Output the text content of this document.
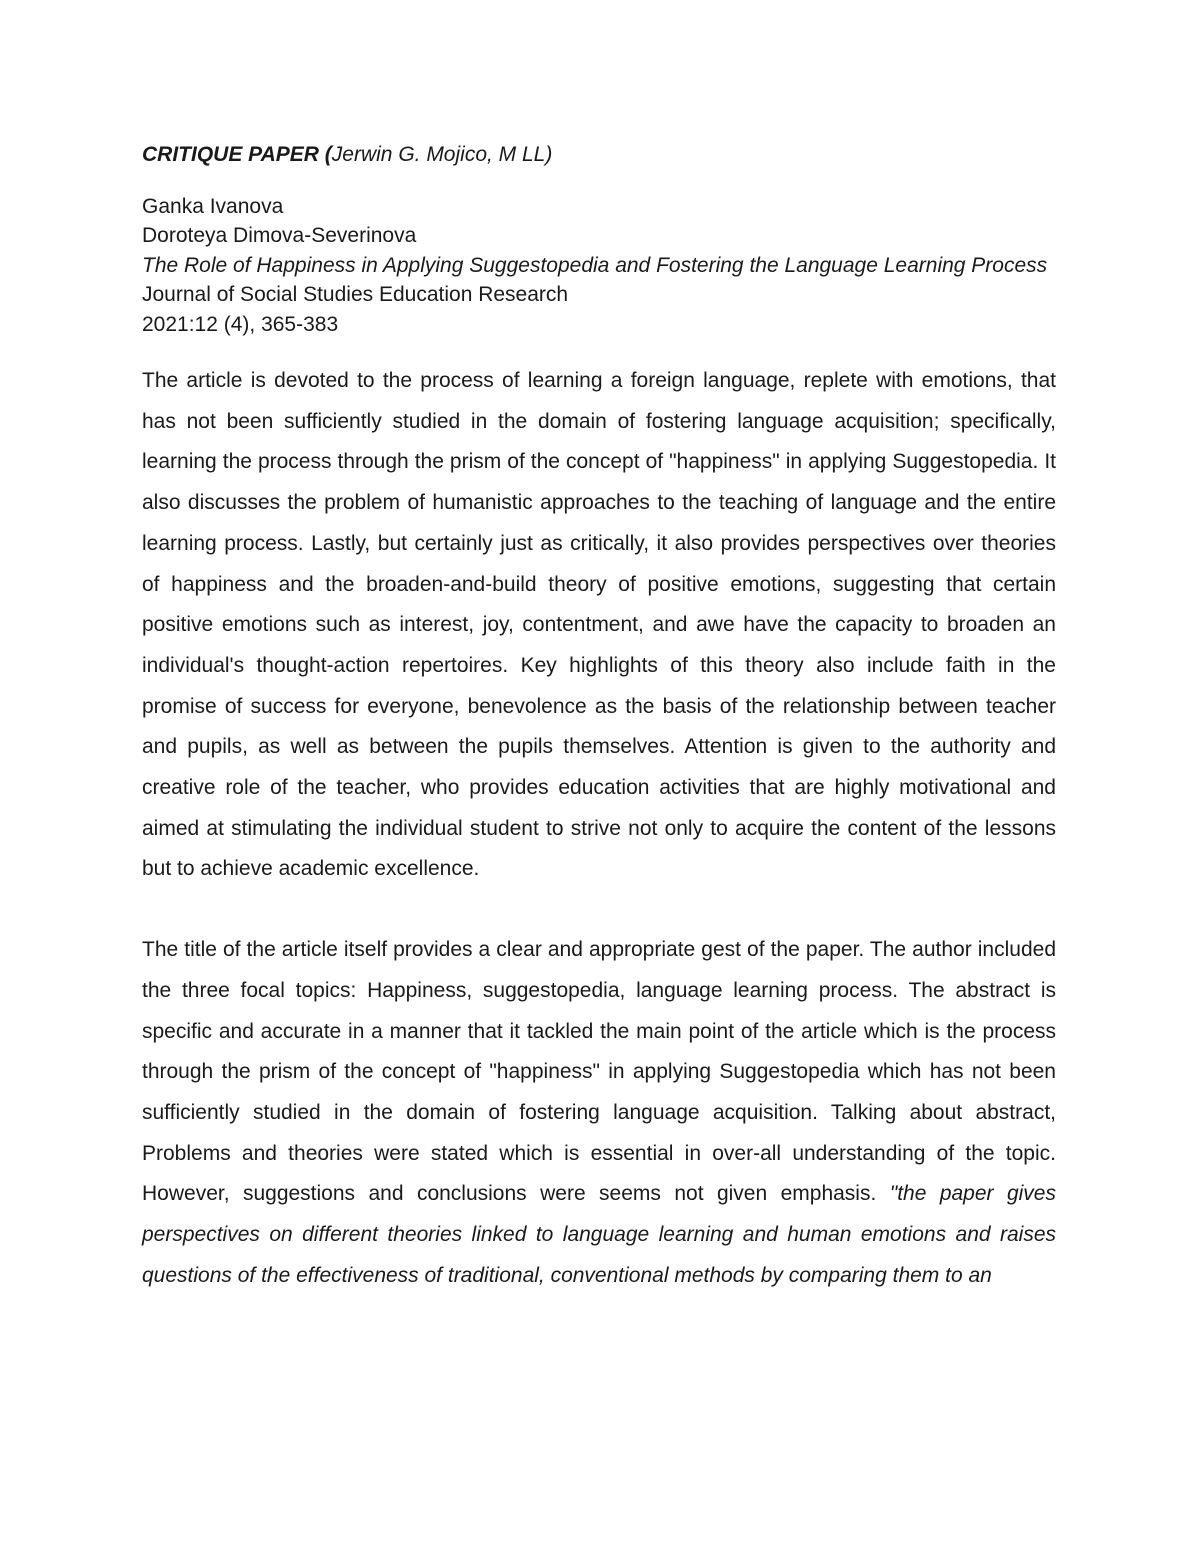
CRITIQUE PAPER (Jerwin G. Mojico, M LL)

Ganka Ivanova
Doroteya Dimova-Severinova
The Role of Happiness in Applying Suggestopedia and Fostering the Language Learning Process
Journal of Social Studies Education Research
2021:12 (4), 365-383

The article is devoted to the process of learning a foreign language, replete with emotions, that has not been sufficiently studied in the domain of fostering language acquisition; specifically, learning the process through the prism of the concept of "happiness" in applying Suggestopedia. It also discusses the problem of humanistic approaches to the teaching of language and the entire learning process. Lastly, but certainly just as critically, it also provides perspectives over theories of happiness and the broaden-and-build theory of positive emotions, suggesting that certain positive emotions such as interest, joy, contentment, and awe have the capacity to broaden an individual's thought-action repertoires. Key highlights of this theory also include faith in the promise of success for everyone, benevolence as the basis of the relationship between teacher and pupils, as well as between the pupils themselves. Attention is given to the authority and creative role of the teacher, who provides education activities that are highly motivational and aimed at stimulating the individual student to strive not only to acquire the content of the lessons but to achieve academic excellence.

The title of the article itself provides a clear and appropriate gest of the paper. The author included the three focal topics: Happiness, suggestopedia, language learning process. The abstract is specific and accurate in a manner that it tackled the main point of the article which is the process through the prism of the concept of "happiness" in applying Suggestopedia which has not been sufficiently studied in the domain of fostering language acquisition. Talking about abstract, Problems and theories were stated which is essential in over-all understanding of the topic. However, suggestions and conclusions were seems not given emphasis. "the paper gives perspectives on different theories linked to language learning and human emotions and raises questions of the effectiveness of traditional, conventional methods by comparing them to an
